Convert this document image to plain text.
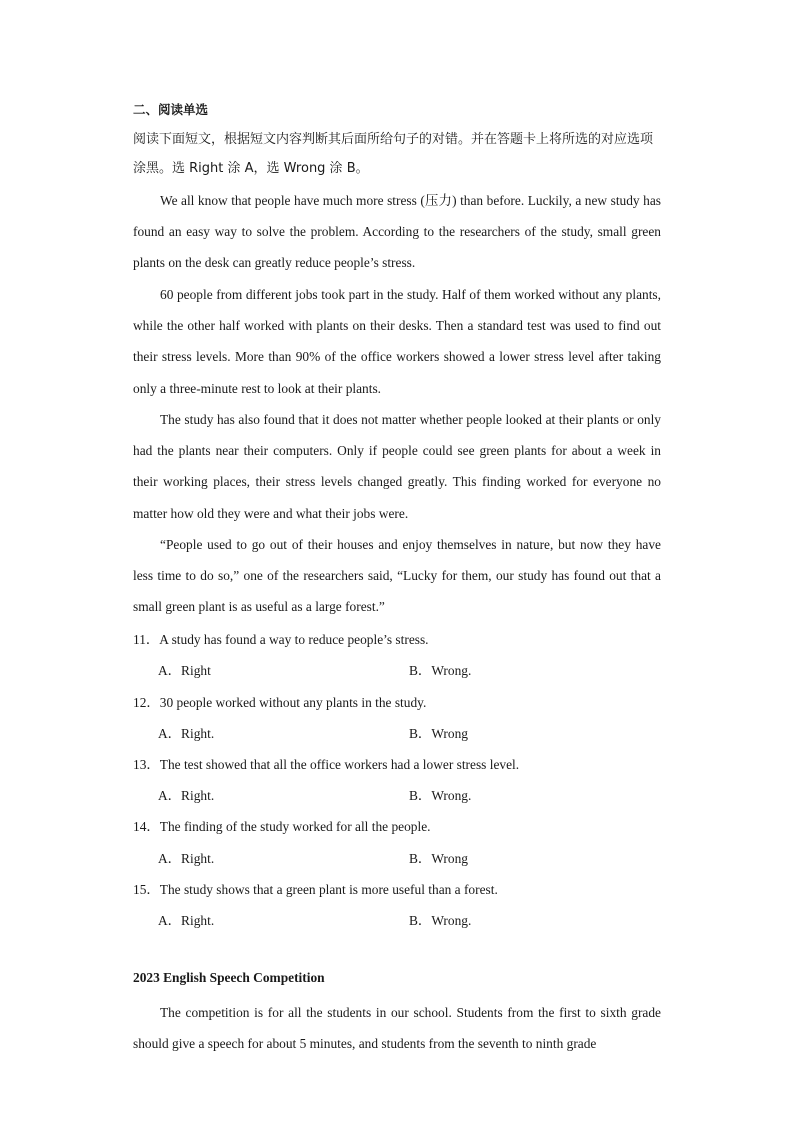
二、阅读单选
阅读下面短文，根据短文内容判断其后面所给句子的对错。并在答题卡上将所选的对应选项涂黑。选 Right 涂 A，选 Wrong 涂 B。
We all know that people have much more stress (压力) than before. Luckily, a new study has found an easy way to solve the problem. According to the researchers of the study, small green plants on the desk can greatly reduce people’s stress.
60 people from different jobs took part in the study. Half of them worked without any plants, while the other half worked with plants on their desks. Then a standard test was used to find out their stress levels. More than 90% of the office workers showed a lower stress level after taking only a three-minute rest to look at their plants.
The study has also found that it does not matter whether people looked at their plants or only had the plants near their computers. Only if people could see green plants for about a week in their working places, their stress levels changed greatly. This finding worked for everyone no matter how old they were and what their jobs were.
“People used to go out of their houses and enjoy themselves in nature, but now they have less time to do so,” one of the researchers said, “Lucky for them, our study has found out that a small green plant is as useful as a large forest.”
11．A study has found a way to reduce people’s stress.
A．Right	B．Wrong.
12．30 people worked without any plants in the study.
A．Right.	B．Wrong
13．The test showed that all the office workers had a lower stress level.
A．Right.	B．Wrong.
14．The finding of the study worked for all the people.
A．Right.	B．Wrong
15．The study shows that a green plant is more useful than a forest.
A．Right.	B．Wrong.
2023 English Speech Competition
The competition is for all the students in our school. Students from the first to sixth grade should give a speech for about 5 minutes, and students from the seventh to ninth grade
